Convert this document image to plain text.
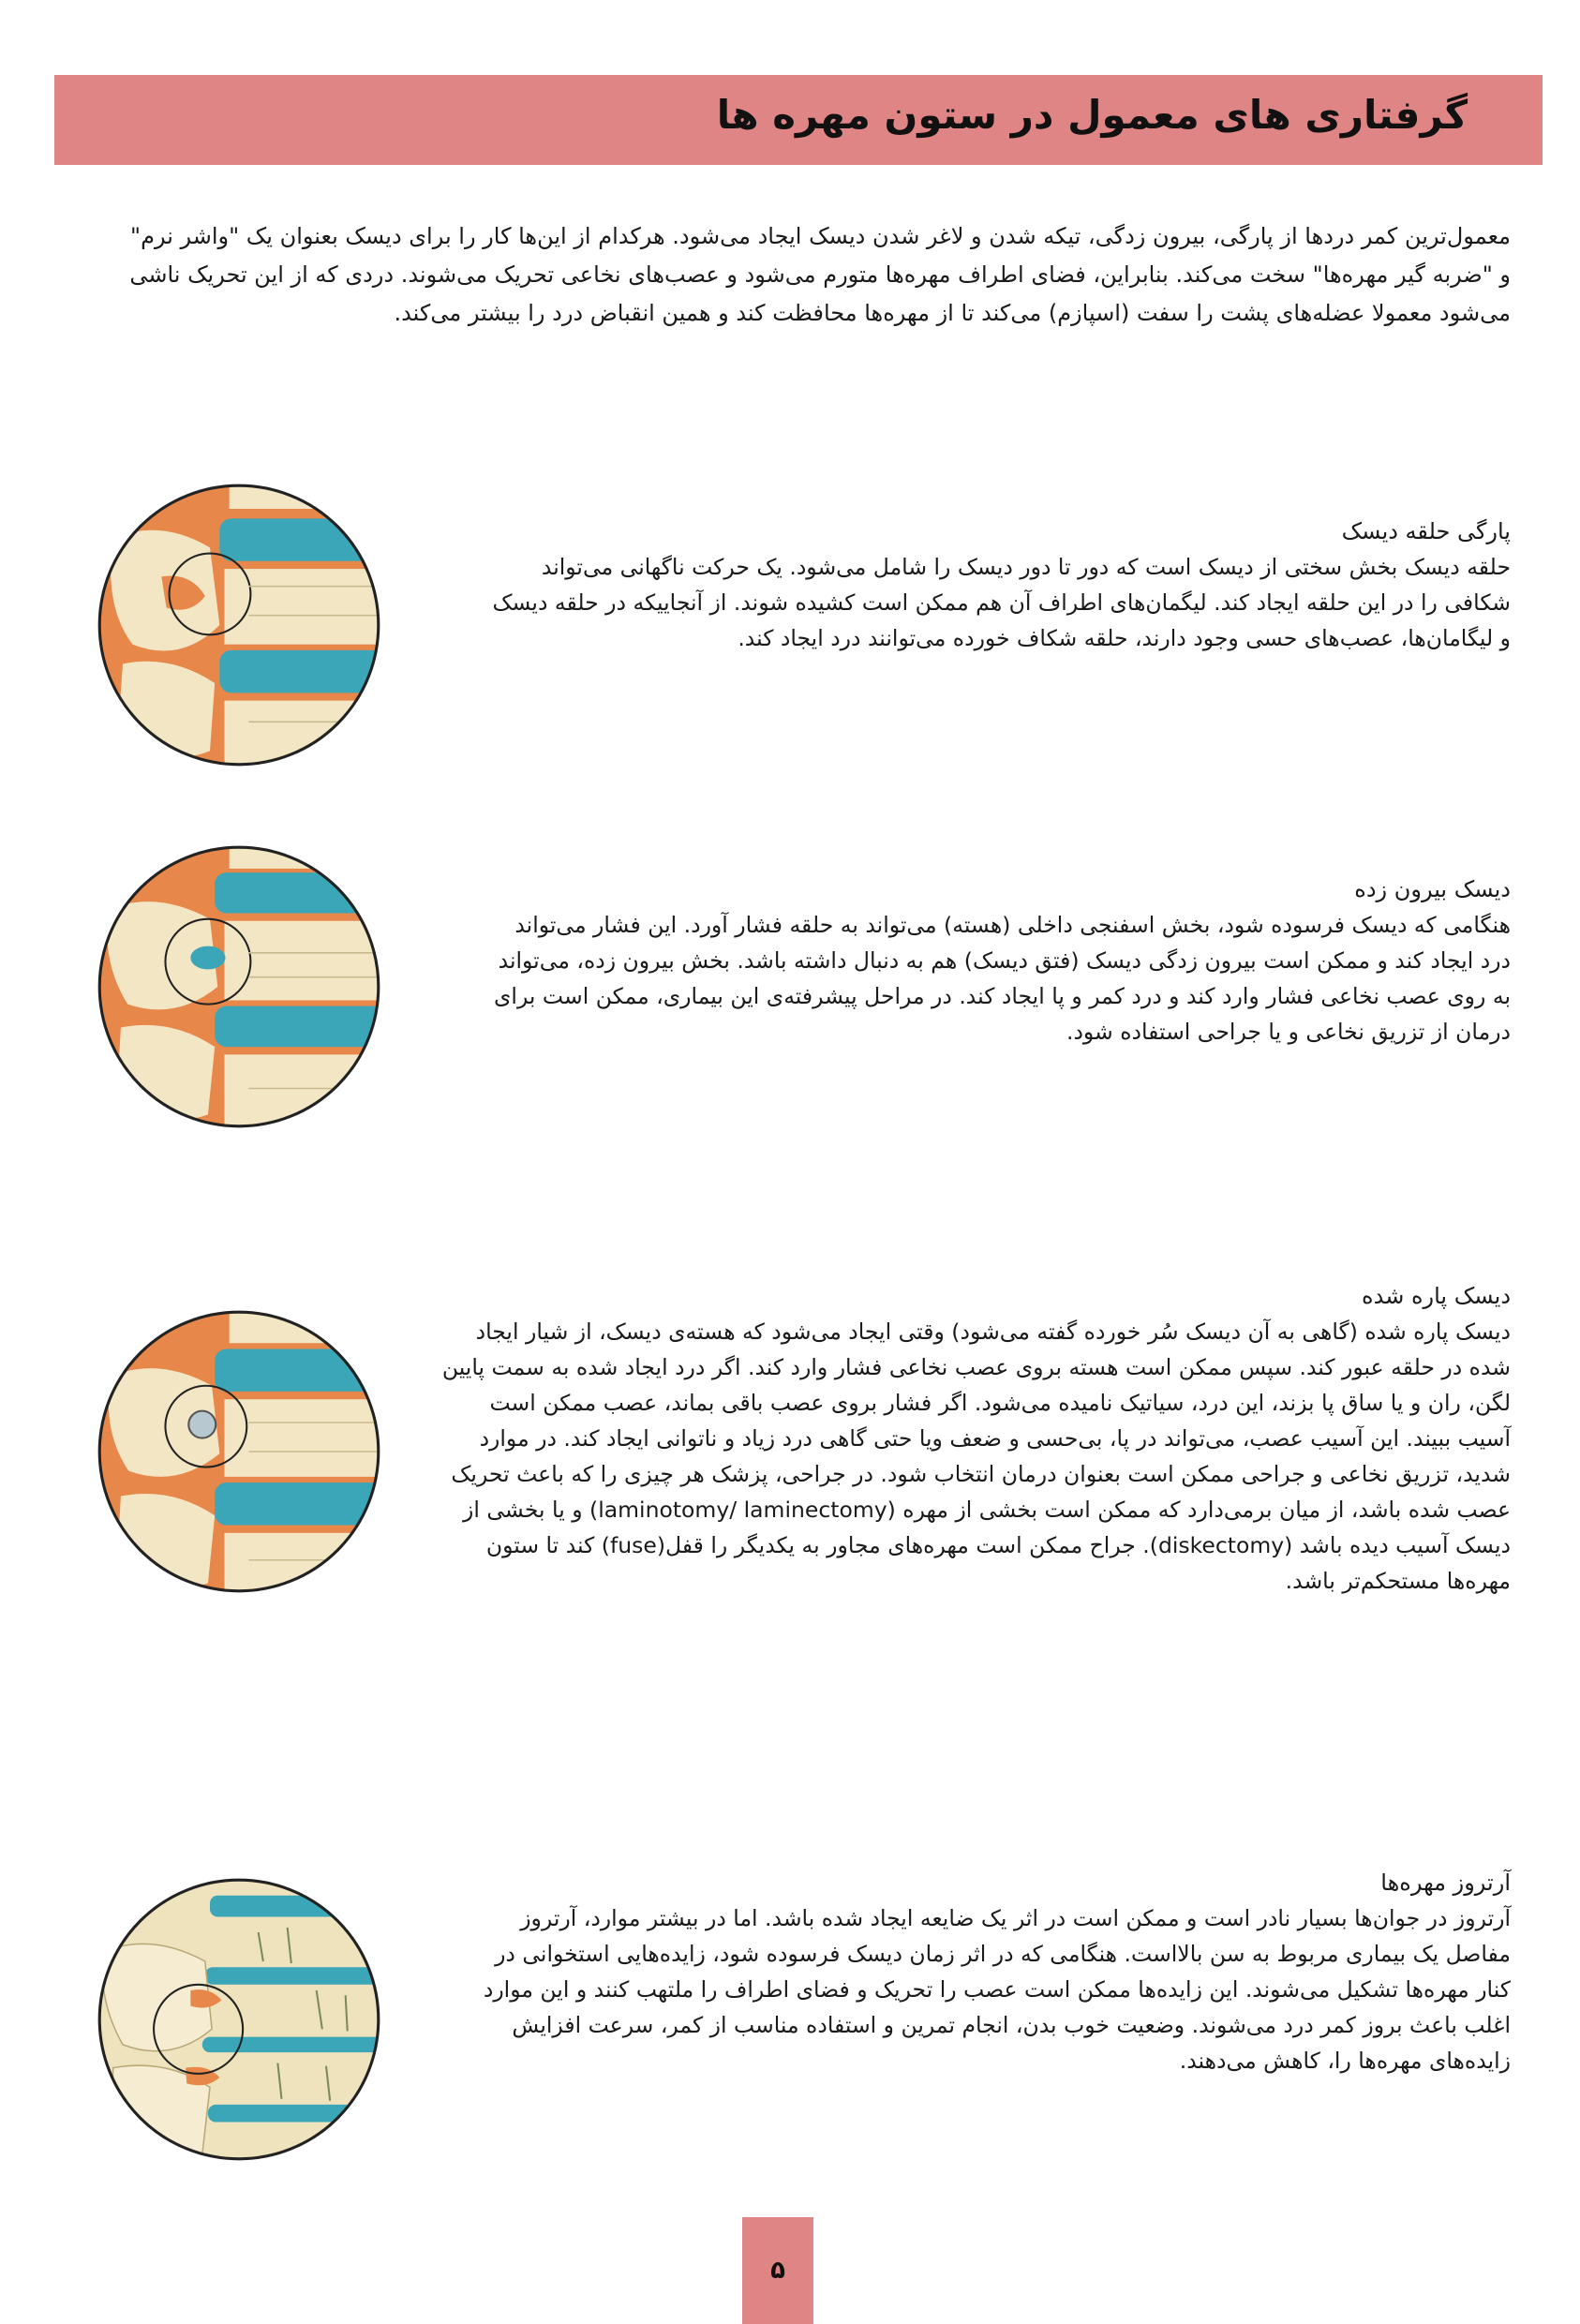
گرفتاری های معمول در ستون مهره ها

معمول‌ترین کمر دردها از پارگی، بیرون زدگی، تیکه شدن و لاغر شدن دیسک ایجاد می‌شود. هرکدام از این‌ها کار را برای دیسک بعنوان یک "واشر نرم" و "ضربه گیر مهره‌ها" سخت می‌کند. بنابراین، فضای اطراف مهره‌ها متورم می‌شود و عصب‌های نخاعی تحریک می‌شوند. دردی که از این تحریک ناشی می‌شود معمولا عضله‌های پشت را سفت (اسپازم) می‌کند تا از مهره‌ها محافظت کند و همین انقباض درد را بیشتر می‌کند.

پارگی حلقه دیسک

حلقه دیسک بخش سختی از دیسک است که دور تا دور دیسک را شامل می‌شود. یک حرکت ناگهانی می‌تواند شکافی را در این حلقه ایجاد کند. لیگمان‌های اطراف آن هم ممکن است کشیده شوند. از آنجاییکه در حلقه دیسک و لیگامان‌ها، عصب‌های حسی وجود دارند، حلقه شکاف خورده می‌توانند درد ایجاد کند.

دیسک بیرون زده

هنگامی که دیسک فرسوده شود، بخش اسفنجی داخلی (هسته) می‌تواند به حلقه فشار آورد. این فشار می‌تواند درد ایجاد کند و ممکن است بیرون زدگی دیسک (فتق دیسک) هم به دنبال داشته باشد. بخش بیرون زده، می‌تواند به روی عصب نخاعی فشار وارد کند و درد کمر و پا ایجاد کند. در مراحل پیشرفته‌ی این بیماری، ممکن است برای درمان از تزریق نخاعی و یا جراحی استفاده شود.

دیسک پاره شده

دیسک پاره شده (گاهی به آن دیسک سُر خورده گفته می‌شود) وقتی ایجاد می‌شود که هسته‌ی دیسک، از شیار ایجاد شده در حلقه عبور کند. سپس ممکن است هسته بروی عصب نخاعی فشار وارد کند. اگر درد ایجاد شده به سمت پایین لگن، ران و یا ساق پا بزند، این درد، سیاتیک نامیده می‌شود. اگر فشار بروی عصب باقی بماند، عصب ممکن است آسیب ببیند. این آسیب عصب، می‌تواند در پا، بی‌حسی و ضعف ویا حتی گاهی درد زیاد و ناتوانی ایجاد کند. در موارد شدید، تزریق نخاعی و جراحی ممکن است بعنوان درمان انتخاب شود. در جراحی، پزشک هر چیزی را که باعث تحریک عصب شده باشد، از میان برمی‌دارد که ممکن است بخشی از مهره (laminotomy/ laminectomy) و یا بخشی از دیسک آسیب دیده باشد (diskectomy). جراح ممکن است مهره‌های مجاور به یکدیگر را قفل(fuse) کند تا ستون مهره‌ها مستحکم‌تر باشد.

آرتروز مهره‌ها

آرتروز در جوان‌ها بسیار نادر است و ممکن است در اثر یک ضایعه ایجاد شده باشد. اما در بیشتر موارد، آرتروز مفاصل یک بیماری مربوط به سن بالااست. هنگامی که در اثر زمان دیسک فرسوده شود، زایده‌هایی استخوانی در کنار مهره‌ها تشکیل می‌شوند. این زایده‌ها ممکن است عصب را تحریک و فضای اطراف را ملتهب کنند و این موارد اغلب باعث بروز کمر درد می‌شوند. وضعیت خوب بدن، انجام تمرین و استفاده مناسب از کمر، سرعت افزایش زایده‌های مهره‌ها را، کاهش می‌دهند.

۵
